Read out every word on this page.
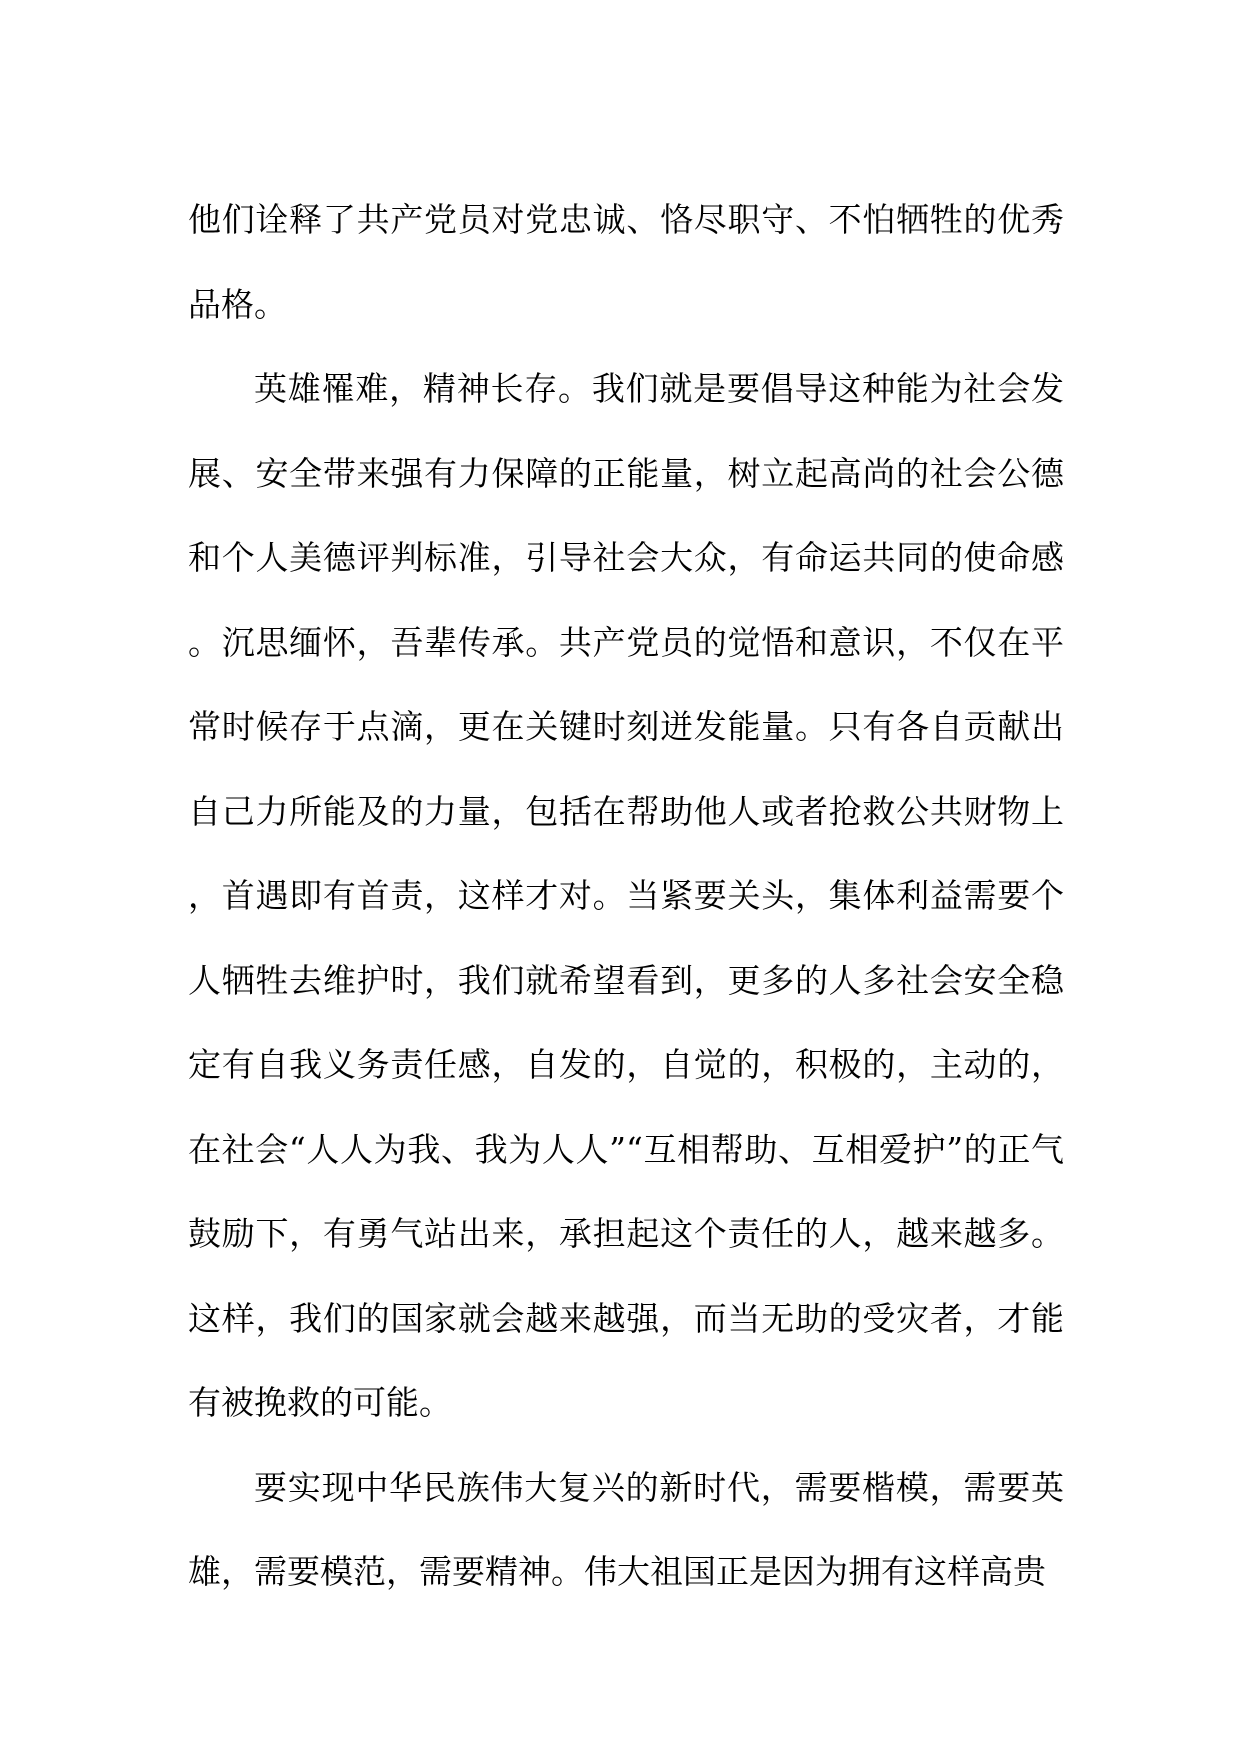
他们诠释了共产党员对党忠诚、恪尽职守、不怕牺牲的优秀品格。

英雄罹难，精神长存。我们就是要倡导这种能为社会发展、安全带来强有力保障的正能量，树立起高尚的社会公德和个人美德评判标准，引导社会大众，有命运共同的使命感。沉思缅怀，吾辈传承。共产党员的觉悟和意识，不仅在平常时候存于点滴，更在关键时刻迸发能量。只有各自贡献出自己力所能及的力量，包括在帮助他人或者抢救公共财物上，首遇即有首责，这样才对。当紧要关头，集体利益需要个人牺牲去维护时，我们就希望看到，更多的人多社会安全稳定有自我义务责任感，自发的，自觉的，积极的，主动的，在社会“人人为我、我为人人”“互相帮助、互相爱护”的正气鼓励下，有勇气站出来，承担起这个责任的人，越来越多。这样，我们的国家就会越来越强，而当无助的受灾者，才能有被挽救的可能。

要实现中华民族伟大复兴的新时代，需要楷模，需要英雄，需要模范，需要精神。伟大祖国正是因为拥有这样高贵
